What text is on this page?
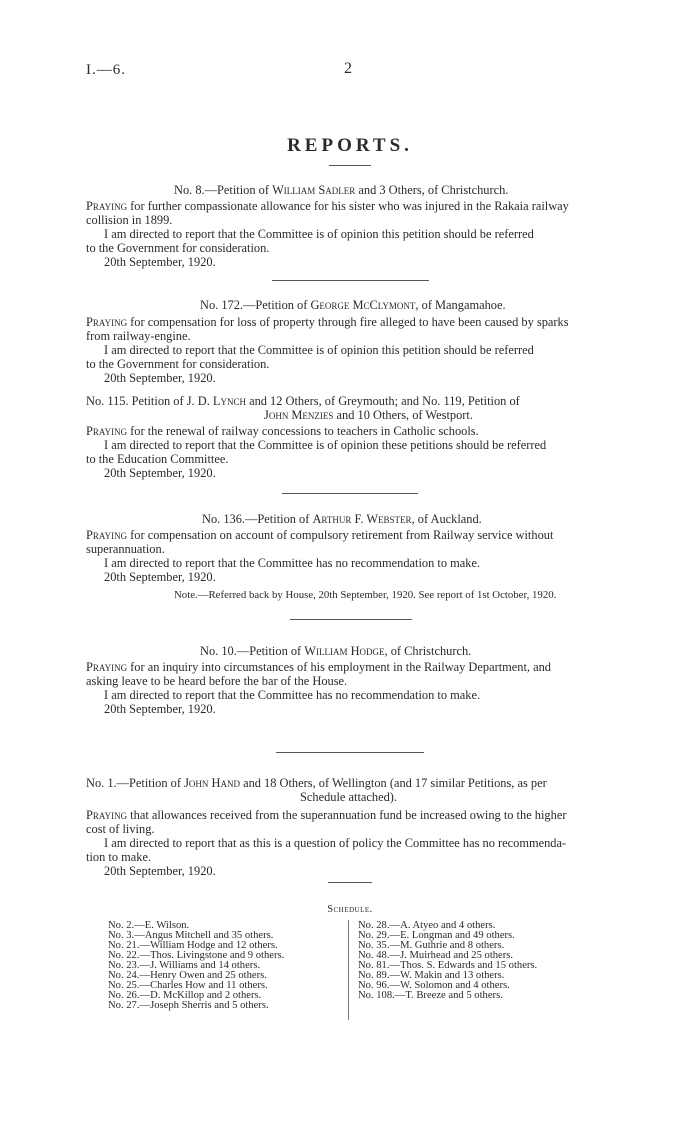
I.—6.	2
REPORTS.
No. 8.—Petition of William Sadler and 3 Others, of Christchurch.
Praying for further compassionate allowance for his sister who was injured in the Rakaia railway
collision in 1899.
I am directed to report that the Committee is of opinion this petition should be referred
to the Government for consideration.
20th September, 1920.
No. 172.—Petition of George McClymont, of Mangamahoe.
Praying for compensation for loss of property through fire alleged to have been caused by sparks
from railway-engine.
I am directed to report that the Committee is of opinion this petition should be referred
to the Government for consideration.
20th September, 1920.
No. 115. Petition of J. D. Lynch and 12 Others, of Greymouth; and No. 119, Petition of
John Menzies and 10 Others, of Westport.
Praying for the renewal of railway concessions to teachers in Catholic schools.
I am directed to report that the Committee is of opinion these petitions should be referred
to the Education Committee.
20th September, 1920.
No. 136.—Petition of Arthur F. Webster, of Auckland.
Praying for compensation on account of compulsory retirement from Railway service without
superannuation.
I am directed to report that the Committee has no recommendation to make.
20th September, 1920.
Note.—Referred back by House, 20th September, 1920. See report of 1st October, 1920.
No. 10.—Petition of William Hodge, of Christchurch.
Praying for an inquiry into circumstances of his employment in the Railway Department, and
asking leave to be heard before the bar of the House.
I am directed to report that the Committee has no recommendation to make.
20th September, 1920.
No. 1.—Petition of John Hand and 18 Others, of Wellington (and 17 similar Petitions, as per
Schedule attached).
Praying that allowances received from the superannuation fund be increased owing to the higher
cost of living.
I am directed to report that as this is a question of policy the Committee has no recommenda-
tion to make.
20th September, 1920.
Schedule.
No. 2.—E. Wilson.
No. 3.—Angus Mitchell and 35 others.
No. 21.—William Hodge and 12 others.
No. 22.—Thos. Livingstone and 9 others.
No. 23.—J. Williams and 14 others.
No. 24.—Henry Owen and 25 others.
No. 25.—Charles How and 11 others.
No. 26.—D. McKillop and 2 others.
No. 27.—Joseph Sherris and 5 others.
No. 28.—A. Atyeo and 4 others.
No. 29.—E. Longman and 49 others.
No. 35.—M. Guthrie and 8 others.
No. 48.—J. Muirhead and 25 others.
No. 81.—Thos. S. Edwards and 15 others.
No. 89.—W. Makin and 13 others.
No. 96.—W. Solomon and 4 others.
No. 108.—T. Breeze and 5 others.
